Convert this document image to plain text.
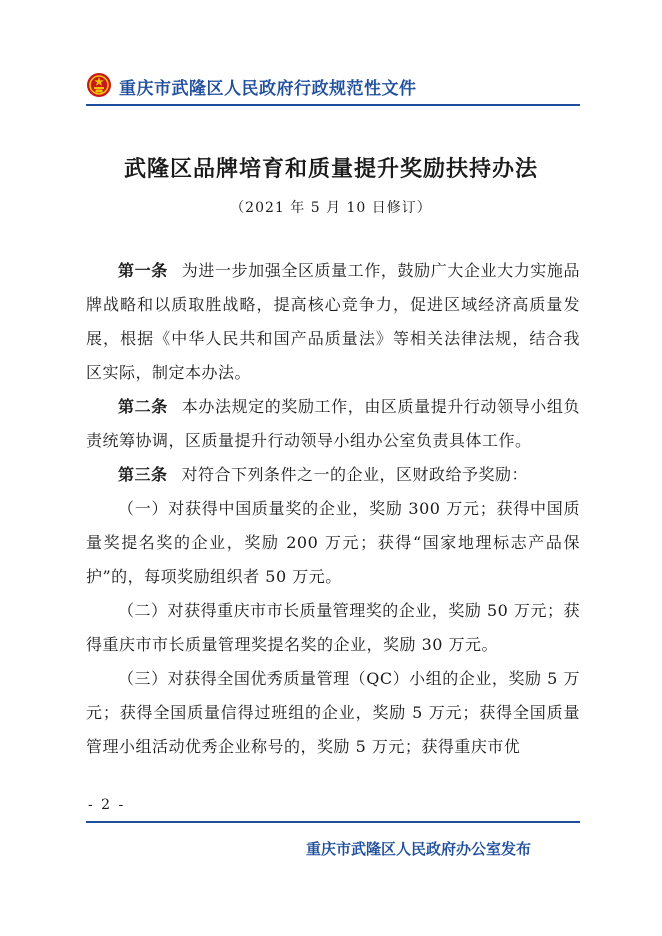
重庆市武隆区人民政府行政规范性文件
武隆区品牌培育和质量提升奖励扶持办法
（2021 年 5 月 10 日修订）

第一条 为进一步加强全区质量工作，鼓励广大企业大力实施品牌战略和以质取胜战略，提高核心竞争力，促进区域经济高质量发展，根据《中华人民共和国产品质量法》等相关法律法规，结合我区实际，制定本办法。

第二条 本办法规定的奖励工作，由区质量提升行动领导小组负责统筹协调，区质量提升行动领导小组办公室负责具体工作。

第三条 对符合下列条件之一的企业，区财政给予奖励：

（一）对获得中国质量奖的企业，奖励 300 万元；获得中国质量奖提名奖的企业，奖励 200 万元；获得“国家地理标志产品保护”的，每项奖励组织者 50 万元。

（二）对获得重庆市市长质量管理奖的企业，奖励 50 万元；获得重庆市市长质量管理奖提名奖的企业，奖励 30 万元。

（三）对获得全国优秀质量管理（QC）小组的企业，奖励 5 万元；获得全国质量信得过班组的企业，奖励 5 万元；获得全国质量管理小组活动优秀企业称号的，奖励 5 万元；获得重庆市优

- 2 -
重庆市武隆区人民政府办公室发布
